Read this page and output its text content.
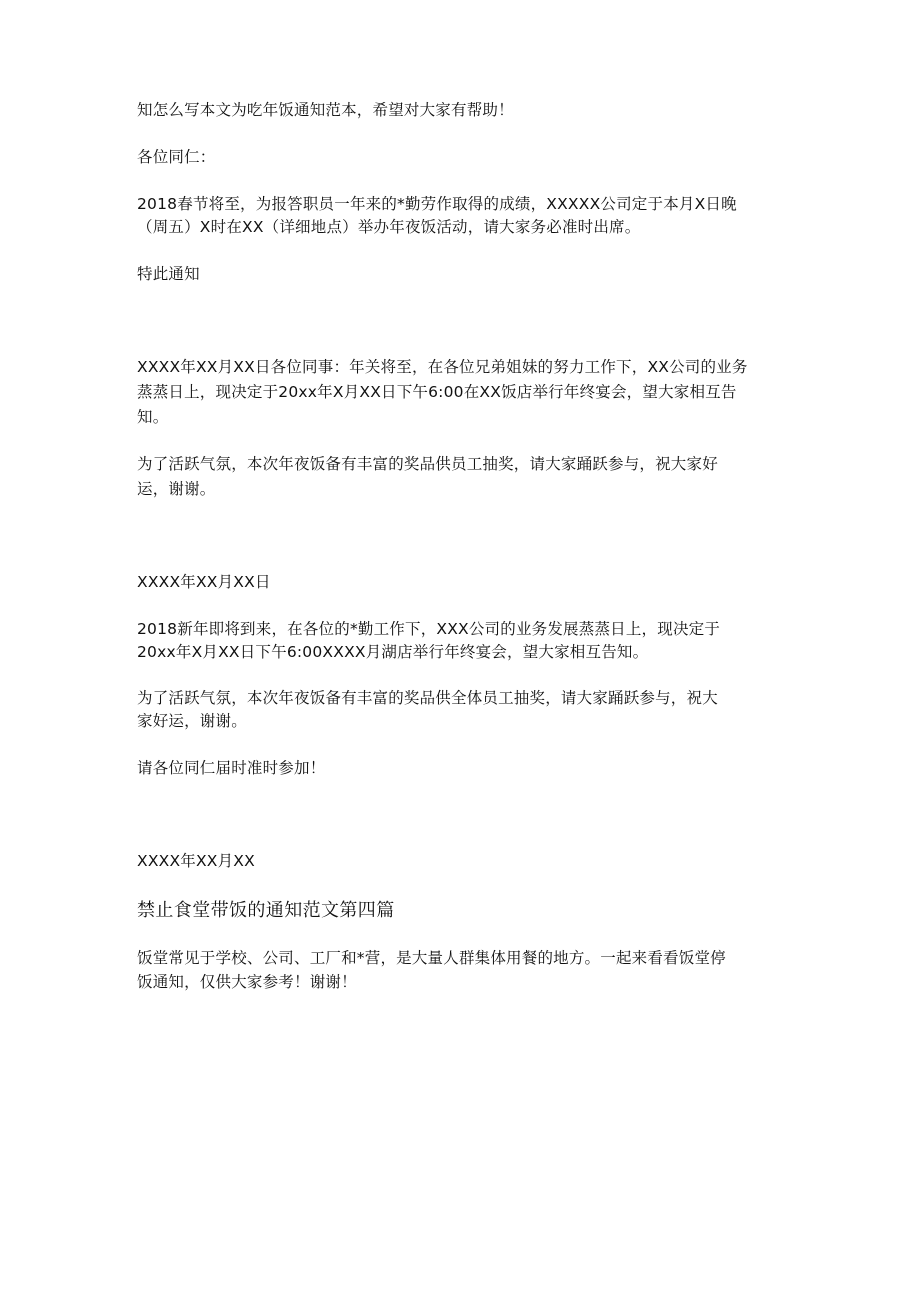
知怎么写本文为吃年饭通知范本，希望对大家有帮助！
各位同仁：
2018春节将至，为报答职员一年来的*勤劳作取得的成绩，XXXXX公司定于本月X日晚
（周五）X时在XX（详细地点）举办年夜饭活动，请大家务必准时出席。
特此通知
XXXX年XX月XX日各位同事：年关将至，在各位兄弟姐妹的努力工作下，XX公司的业务
蒸蒸日上，现决定于20xx年X月XX日下午6:00在XX饭店举行年终宴会，望大家相互告
知。
为了活跃气氛，本次年夜饭备有丰富的奖品供员工抽奖，请大家踊跃参与，祝大家好
运，谢谢。
XXXX年XX月XX日
2018新年即将到来，在各位的*勤工作下，XXX公司的业务发展蒸蒸日上，现决定于
20xx年X月XX日下午6:00XXXX月湖店举行年终宴会，望大家相互告知。
为了活跃气氛，本次年夜饭备有丰富的奖品供全体员工抽奖，请大家踊跃参与，祝大
家好运，谢谢。
请各位同仁届时准时参加！
XXXX年XX月XX
禁止食堂带饭的通知范文第四篇
饭堂常见于学校、公司、工厂和*营，是大量人群集体用餐的地方。一起来看看饭堂停
饭通知，仅供大家参考！谢谢！
